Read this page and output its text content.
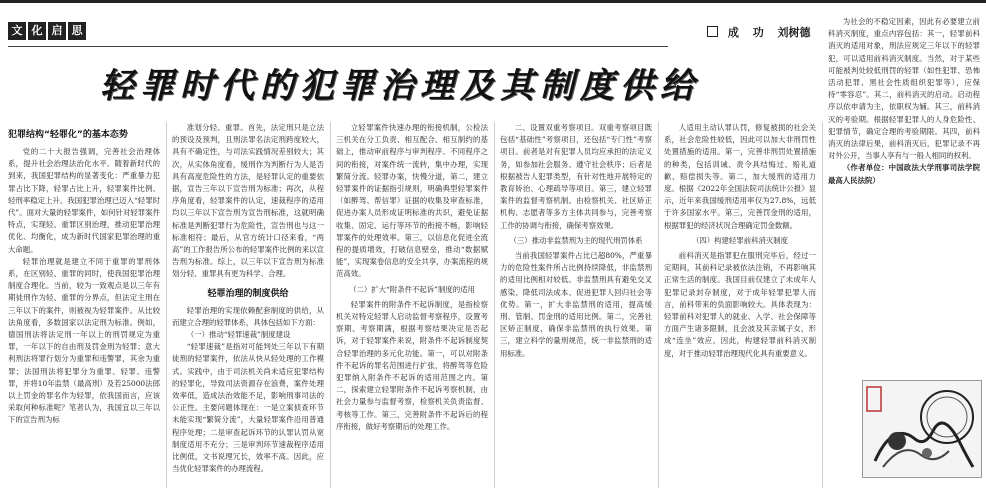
文 化 启 思	成 功 刘树德
轻罪时代的犯罪治理及其制度供给
犯罪结构“轻罪化”的基本态势

党的二十大报告强调，完善社会治理体系，提升社会治理法治化水平。随着新时代的到来，我国犯罪结构的显著变化：严重暴力犯罪占比下降，轻罪占比上升，轻罪案件比例、轻刑率稳定上升。我国犯罪治理已迈入“轻罪时代”。面对大量的轻罪案件，如何针对轻罪案件特点，实现轻、重罪区别治理，推动犯罪治理优化、均衡化，成为新时代国家犯罪治理的重大命题。

轻罪治理就是建立不同于重罪的罪刑体系，在区别轻、重罪的同时，使我国犯罪治理制度合理化。当前，较为一致观点是以三年有期徒刑作为轻、重罪的分界点，但法定主刑在三年以下的案件，则被视为轻罪案件。从比较法角度看，多数国家以法定刑为标准。例如，德国刑法将法定刑一年以上的刑罚规定为重罪，一年以下的自由刑及罚金刑为轻罪；意大利刑法将罪行划分为重罪和违警罪，其余为重罪；法国刑法将犯罪分为重罪、轻罪、违警罪，并将10年监禁（最高刑）及若25000法郎以上罚金的罪名作为轻罪，依我国而言，应该采取何种标准呢？笔者认为，我国宜以三年以下的宣告刑为标

准划分轻、重罪。首先，法定刑只是立法的预设及预判，且刑法罪名法定刑跨度较大，具有不确定性，与司法实践情况差别较大；其次，从实体角度看，缓刑作为判断行为人是否具有高度危险性的方法，是轻罪认定的重要依据，宣告三年以下宣告刑为标准；再次，从程序角度看，轻罪案件的认定，速裁程序的适用均以三年以下宣告刑为宣告刑标准，这就明确标准是判断犯罪行为危险性，宣告刑也与这一标准相符；最后，从官方统计口径来看，“两高”的工作报告所公布的轻罪案件比例的来以宣告刑为标准。综上，以三年以下宣告刑为标准划分轻、重罪具有更为科学、合理。

轻罪治理的制度供给

轻罪治理的实现依赖配套制度的供给，从而建立合理的轻罪体系，具体包括如下方面：

（一）推动“轻罪速裁”制度建设

“轻罪速裁”是指对可能判处三年以下有期徒刑的轻罪案件，依法从快从轻处理的工作模式。实践中，由于司法机关尚未适应犯罪结构的轻罪化，导致司法资源存在浪费，案件处理效率低，造成法治效能不足，影响刑事司法的公正性。主要问题体现在：一是立案侦查环节未能实现“繁简分流”，大量轻罪案件沿用普通程序处理；二是审查起诉环节的认罪认罚从宽制度适用不充分；三是审判环节速裁程序适用比例低，文书说理冗长，效率不高。因此，应当优化轻罪案件的办理流程。

立轻罪案件快速办理的衔接机制，公检法三机关在分工负责、相互配合、相互制约的基础上，推动审前程序与审判程序、不同程序之间的衔接，对案件统一流转，集中办理，实现繁简分流。轻罪办案，快慢分道，第二，建立轻罪案件的证据指引规则，明确典型轻罪案件（如醉驾、帮信罪）证据的收集及审查标准，促进办案人员形成证明标准的共识，避免证据收集、固定、运行等环节的衔接不畅，影响轻罪案件的处理效率。第三，以信息化促进全流程的提质增效，打破信息壁垒，推动“数据赋能”，实现案卷信息的安全共享，办案流程的规范高效。

（二）扩大“附条件不起诉”制度的适用

轻罪案件的附条件不起诉制度，是指检察机关对特定轻罪人启动监督考察程序，设置考察期、考察期满，根据考察结果决定是否起诉，对于轻罪案件来说，附条件不起诉制度契合轻罪治理的多元化功能。第一，可以对附条件不起诉的罪名范围进行扩张，将醉驾等危险犯罪纳入附条件不起诉的适用范围之内。第二，探索建立轻罪附条件不起诉考察机制，由社会力量参与监督考察，检察机关负责监督、考核等工作。第三，完善附条件不起诉后的程序衔接，做好考察期后的处理工作。

二、设置双重考察项目。双重考察项目既包括“基础性”考察项目，还包括“专门性”考察项目。前者是对有犯罪人员均应承担的法定义务，如参加社会服务、遵守社会秩序；后者是根据被告人犯罪类型，有针对性地开展特定的教育矫治、心理疏导等项目。第三，建立轻罪案件的监督考察机制。由检察机关、社区矫正机构、志愿者等多方主体共同参与，完善考察工作的协调与衔接，确保考察效果。

（三）推动非监禁刑为主的现代刑罚体系

当前我国轻罪案件占比已超80%，严重暴力的危险性案件所占比例持续降低，非监禁刑的适用比例相对较低。非监禁刑具有避免交叉感染、降低司法成本、促进犯罪人回归社会等优势。第一，扩大非监禁刑的适用，提高缓刑、管制、罚金刑的适用比例。第二，完善社区矫正制度，确保非监禁刑的执行效果。第三，建立科学的量刑规范，统一非监禁刑的适用标准。

人适用主动认罪认罚，修复被损的社会关系，社会危险性较低，因此可以加大非刑罚性处置措施的适用。第一，完善非刑罚处置措施的种类，包括训诫、责令具结悔过、赔礼道歉、赔偿损失等。第二，加大缓刑的适用力度。根据《2022年全国法院司法统计公报》显示，近年来我国缓刑适用率仅为27.8%，远低于许多国家水平。第三，完善罚金刑的适用，根据罪犯的经济状况合理确定罚金数额。

（四）构建轻罪前科消灭制度

前科消灭是指罪犯在服刑完毕后，经过一定期间，其前科记录被依法注销，不再影响其正常生活的制度。我国目前仅建立了未成年人犯罪记录封存制度，对于成年轻罪犯罪人而言，前科带来的负面影响较大。具体表现为：轻罪前科对犯罪人的就业、入学、社会保障等方面产生诸多限制，且会波及其亲属子女，形成“连坐”效应。因此，构建轻罪前科消灭制度，对于推动轻罪治理现代化具有重要意义。

为社会的不稳定因素，因此有必要建立前科消灭制度，重点内容包括：其一，轻罪前科消灭的适用对象，刑法应规定三年以下的轻罪犯，可以适用前科消灭制度。当然，对于某些可能被判处较低刑罚的轻罪（如性犯罪、恐怖活动犯罪、黑社会性质组织犯罪等），应保持“零容忍”。其二，前科消灭的启动。启动程序以依申请为主，依职权为辅。其三，前科消灭的考验期。根据轻罪犯罪人的人身危险性、犯罪情节，确定合理的考验期限。其四，前科消灭的法律后果，前科消灭后，犯罪记录不再对外公开，当事人享有与一般人相同的权利。

（作者单位：中国政法大学刑事司法学院 最高人民法院）
